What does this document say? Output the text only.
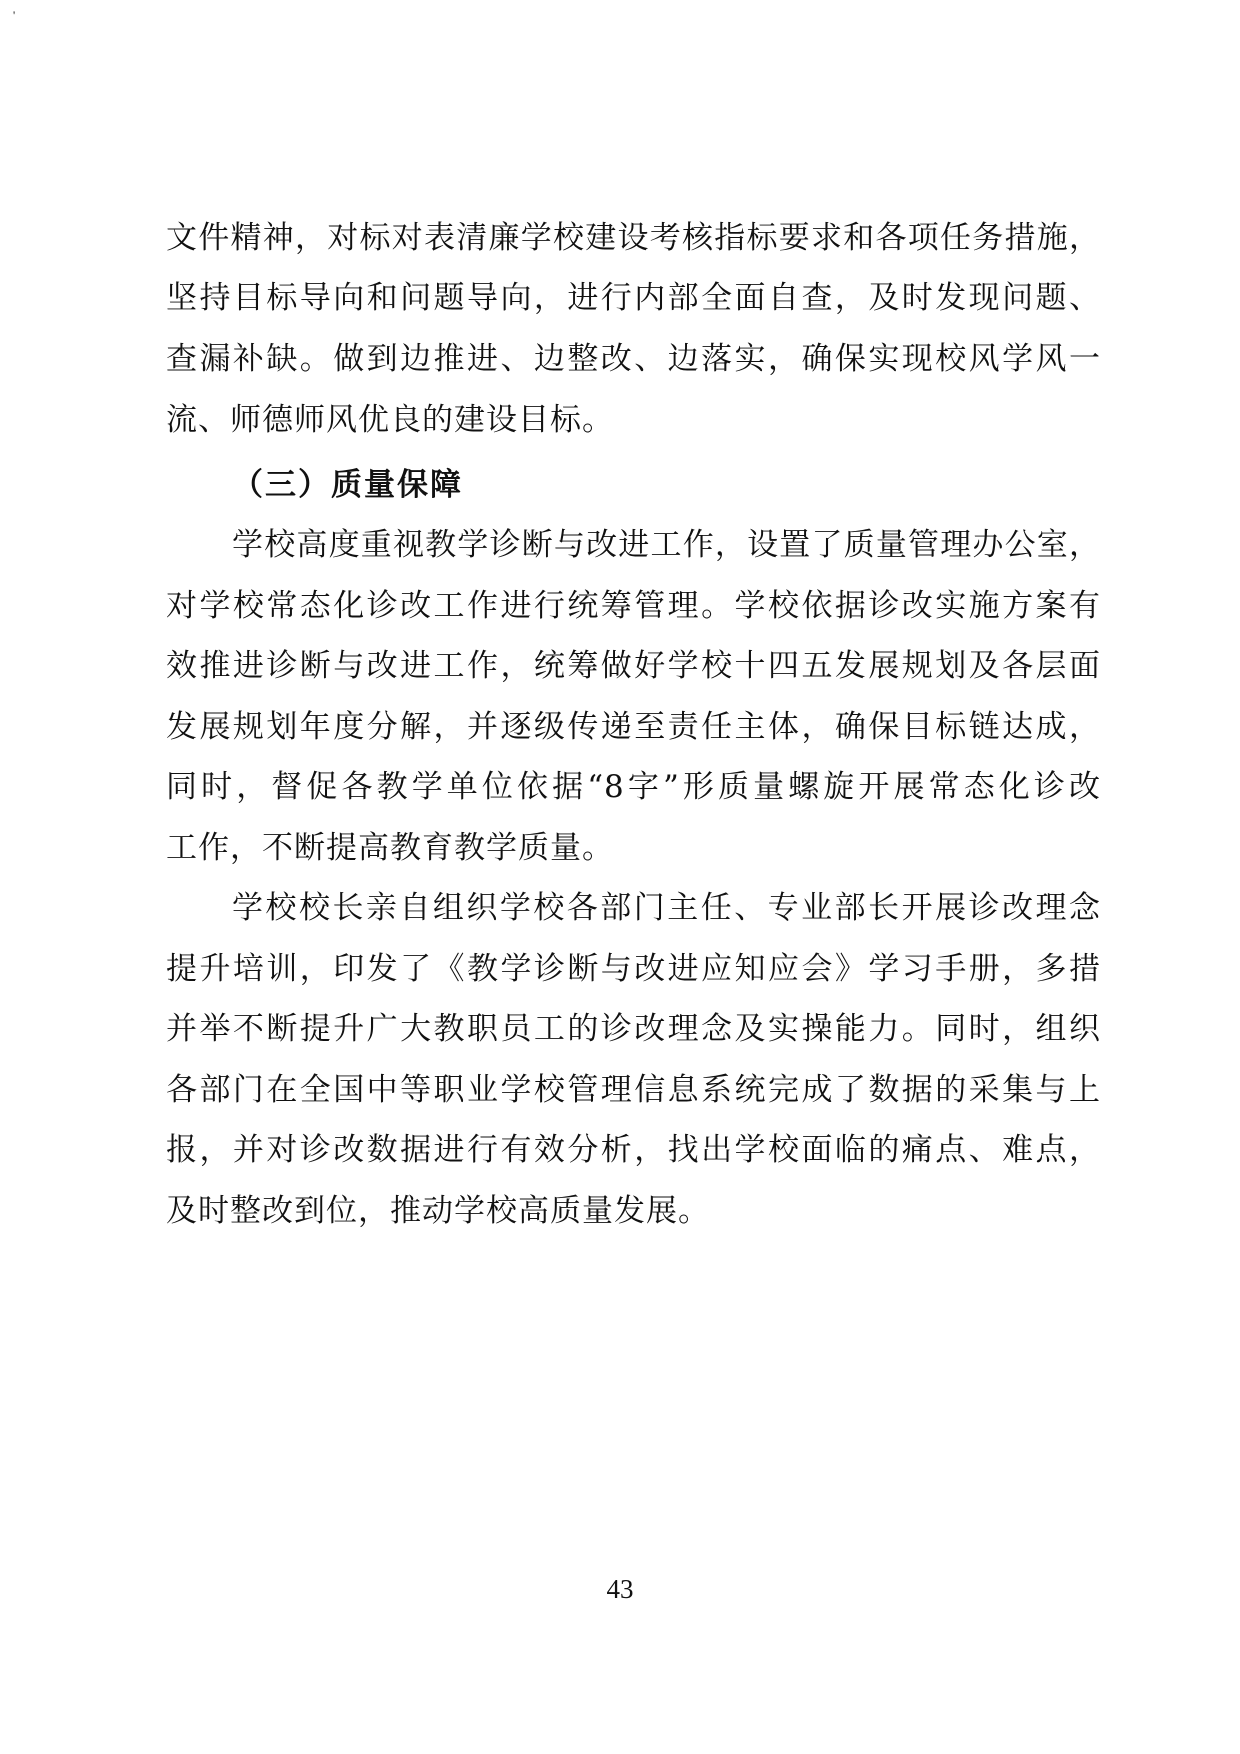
'
文件精神，对标对表清廉学校建设考核指标要求和各项任务措施，
坚持目标导向和问题导向，进行内部全面自查，及时发现问题、
查漏补缺。做到边推进、边整改、边落实，确保实现校风学风一
流、师德师风优良的建设目标。
（三）质量保障
学校高度重视教学诊断与改进工作，设置了质量管理办公室，
对学校常态化诊改工作进行统筹管理。学校依据诊改实施方案有
效推进诊断与改进工作，统筹做好学校十四五发展规划及各层面
发展规划年度分解，并逐级传递至责任主体，确保目标链达成，
同时，督促各教学单位依据“8字”形质量螺旋开展常态化诊改
工作，不断提高教育教学质量。
学校校长亲自组织学校各部门主任、专业部长开展诊改理念
提升培训，印发了《教学诊断与改进应知应会》学习手册，多措
并举不断提升广大教职员工的诊改理念及实操能力。同时，组织
各部门在全国中等职业学校管理信息系统完成了数据的采集与上
报，并对诊改数据进行有效分析，找出学校面临的痛点、难点，
及时整改到位，推动学校高质量发展。
43
